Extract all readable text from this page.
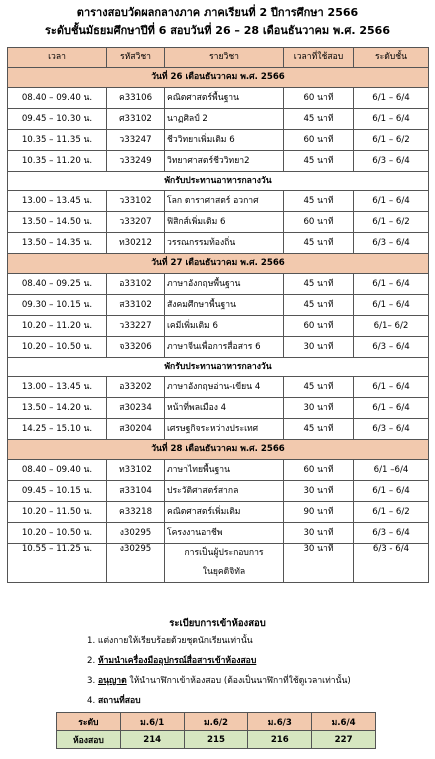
ตารางสอบวัดผลกลางภาค ภาคเรียนที่ 2 ปีการศึกษา 2566
ระดับชั้นมัธยมศึกษาปีที่ 6 สอบวันที่ 26 – 28 เดือนธันวาคม พ.ศ. 2566
เวลา	รหัสวิชา	รายวิชา	เวลาที่ใช้สอบ	ระดับชั้น
วันที่ 26 เดือนธันวาคม พ.ศ. 2566				
08.40 – 09.40 น.	ค33106	คณิตศาสตร์พื้นฐาน	60 นาที	6/1 – 6/4
09.45 – 10.30 น.	ศ33102	นาฏศิลป์ 2	45 นาที	6/1 – 6/4
10.35 – 11.35 น.	ว33247	ชีววิทยาเพิ่มเติม 6	60 นาที	6/1 – 6/2
10.35 – 11.20 น.	ว33249	วิทยาศาสตร์ชีววิทยา2	45 นาที	6/3 – 6/4
พักรับประทานอาหารกลางวัน				
13.00 – 13.45 น.	ว33102	โลก ดาราศาสตร์ อวกาศ	45 นาที	6/1 – 6/4
13.50 – 14.50 น.	ว33207	ฟิสิกส์เพิ่มเติม 6	60 นาที	6/1 – 6/2
13.50 – 14.35 น.	ท30212	วรรณกรรมท้องถิ่น	45 นาที	6/3 – 6/4
วันที่ 27 เดือนธันวาคม พ.ศ. 2566				
08.40 – 09.25 น.	อ33102	ภาษาอังกฤษพื้นฐาน	45 นาที	6/1 – 6/4
09.30 – 10.15 น.	ส33102	สังคมศึกษาพื้นฐาน	45 นาที	6/1 – 6/4
10.20 – 11.20 น.	ว33227	เคมีเพิ่มเติม 6	60 นาที	6/1– 6/2
10.20 – 10.50 น.	จ33206	ภาษาจีนเพื่อการสื่อสาร 6	30 นาที	6/3 – 6/4
พักรับประทานอาหารกลางวัน				
13.00 – 13.45 น.	อ33202	ภาษาอังกฤษอ่าน-เขียน 4	45 นาที	6/1 – 6/4
13.50 – 14.20 น.	ส30234	หน้าที่พลเมือง 4	30 นาที	6/1 – 6/4
14.25 – 15.10 น.	ส30204	เศรษฐกิจระหว่างประเทศ	45 นาที	6/3 – 6/4
วันที่ 28 เดือนธันวาคม พ.ศ. 2566				
08.40 – 09.40 น.	ท33102	ภาษาไทยพื้นฐาน	60 นาที	6/1 –6/4
09.45 – 10.15 น.	ส33104	ประวัติศาสตร์สากล	30 นาที	6/1 – 6/4
10.20 – 11.50 น.	ค33218	คณิตศาสตร์เพิ่มเติม	90 นาที	6/1 – 6/2
10.20 – 10.50 น.	ง30295	โครงงานอาชีพ	30 นาที	6/3 – 6/4
10.55 – 11.25 น.	ง30295	การเป็นผู้ประกอบการ
ในยุคดิจิทัล	30 นาที	6/3 - 6/4
ระเบียบการเข้าห้องสอบ
1. แต่งกายให้เรียบร้อยด้วยชุดนักเรียนเท่านั้น
2. ห้ามนำเครื่องมืออุปกรณ์สื่อสารเข้าห้องสอบ
3. อนุญาต ให้นำนาฬิกาเข้าห้องสอบ (ต้องเป็นนาฬิกาที่ใช้ดูเวลาเท่านั้น)
4. สถานที่สอบ
ระดับ	ม.6/1	ม.6/2	ม.6/3	ม.6/4
ห้องสอบ	214	215	216	227
